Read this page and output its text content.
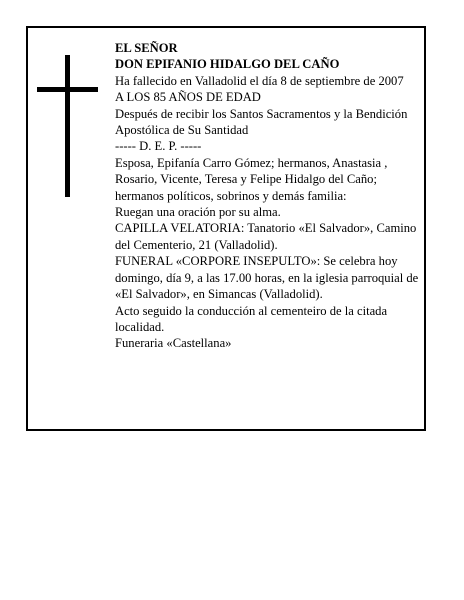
EL SEÑOR

DON EPIFANIO HIDALGO DEL CAÑO

Ha fallecido en Valladolid el día 8 de septiembre de 2007

A LOS 85 AÑOS DE EDAD

Después de recibir los Santos Sacramentos y la Bendición Apostólica de Su Santidad

----- D. E. P. -----

Esposa, Epifanía Carro Gómez; hermanos, Anastasia , Rosario, Vicente, Teresa y Felipe Hidalgo del Caño; hermanos políticos, sobrinos y demás familia:

Ruegan una oración por su alma.

CAPILLA VELATORIA: Tanatorio «El Salvador», Camino del Cementerio, 21 (Valladolid).

FUNERAL «CORPORE INSEPULTO»: Se celebra hoy domingo, día 9, a las 17.00 horas, en la iglesia parroquial de «El Salvador», en Simancas (Valladolid).

Acto seguido la conducción al cementeiro de la citada localidad.

Funeraria «Castellana»
